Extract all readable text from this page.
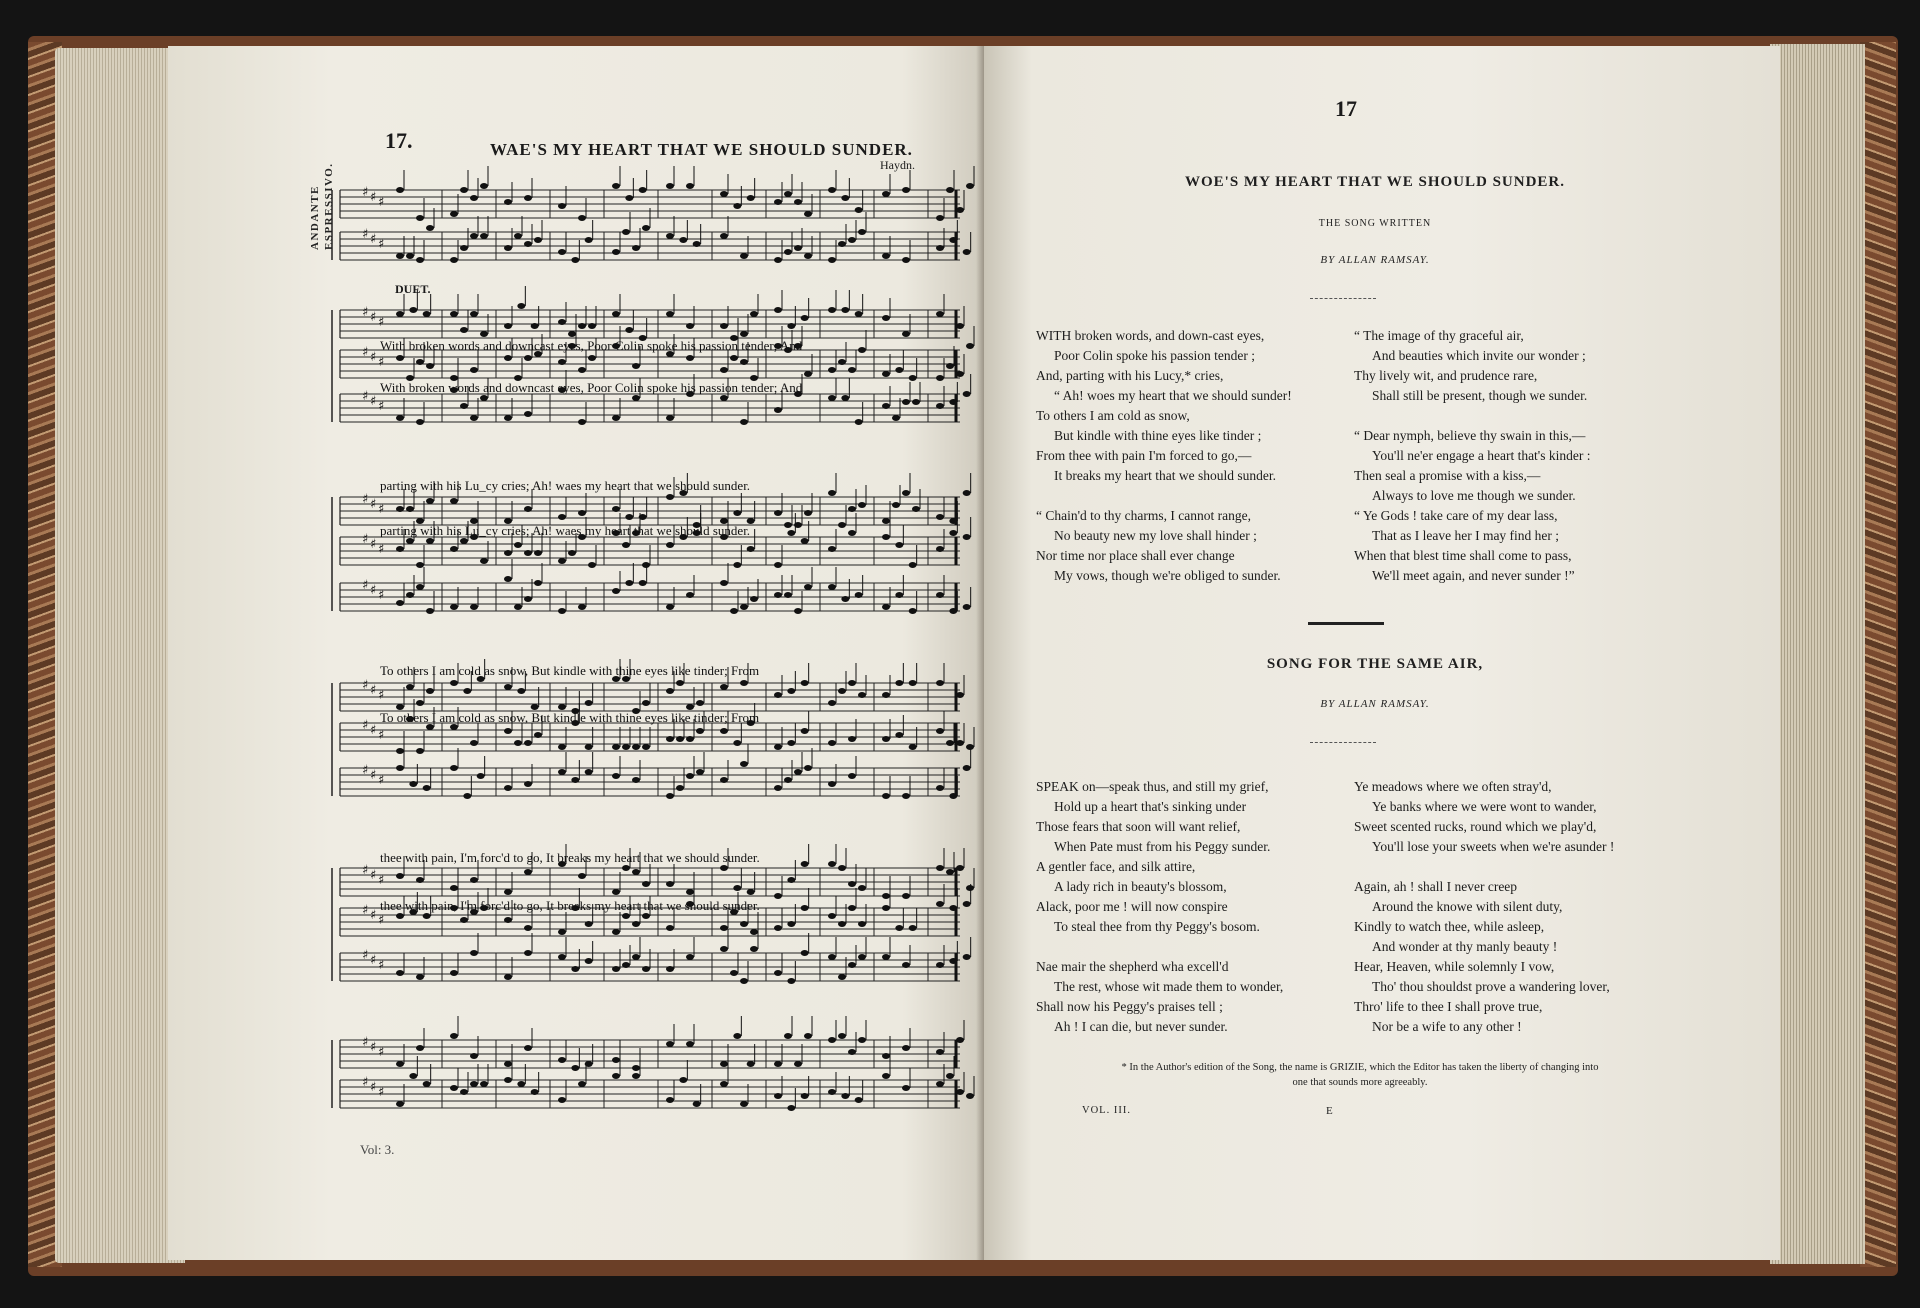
17.	WAE'S MY HEART THAT WE SHOULD SUNDER.
Haydn.
ANDANTE ESPRESSIVO.
DUET.
Vol: 3.
♯ ♯ ♯
♯ ♯ ♯
♯ ♯ ♯
♯ ♯ ♯
♯ ♯ ♯
♯ ♯ ♯
♯ ♯ ♯
♯ ♯ ♯
♯ ♯ ♯
♯ ♯ ♯
♯ ♯ ♯
♯ ♯ ♯
♯ ♯ ♯
♯ ♯ ♯
♯ ♯ ♯
♯ ♯ ♯
With broken words and downcast eyes, Poor Colin spoke his passion tender; And
With broken words and downcast eyes, Poor Colin spoke his passion tender; And
parting with his Lu_cy cries; Ah! waes my heart that we should sunder.
parting with his Lu_cy cries; Ah! waes my heart that we should sunder.
To others I am cold as snow, But kindle with thine eyes like tinder; From
To others I am cold as snow, But kindle with thine eyes like tinder; From
thee with pain, I'm forc'd to go, It breaks my heart that we should sunder.
thee with pain, I'm forc'd to go, It breaks my heart that we should sunder.
17
WOE'S MY HEART THAT WE SHOULD SUNDER.
THE SONG WRITTEN
BY ALLAN RAMSAY.
WITH broken words, and down-cast eyes,
Poor Colin spoke his passion tender ;
And, parting with his Lucy,* cries,
“ Ah! woes my heart that we should sunder!
To others I am cold as snow,
But kindle with thine eyes like tinder ;
From thee with pain I'm forced to go,—
It breaks my heart that we should sunder.
“ Chain'd to thy charms, I cannot range,
No beauty new my love shall hinder ;
Nor time nor place shall ever change
My vows, though we're obliged to sunder.
“ The image of thy graceful air,
And beauties which invite our wonder ;
Thy lively wit, and prudence rare,
Shall still be present, though we sunder.
“ Dear nymph, believe thy swain in this,—
You'll ne'er engage a heart that's kinder :
Then seal a promise with a kiss,—
Always to love me though we sunder.
“ Ye Gods ! take care of my dear lass,
That as I leave her I may find her ;
When that blest time shall come to pass,
We'll meet again, and never sunder !”
SONG FOR THE SAME AIR,
BY ALLAN RAMSAY.
SPEAK on—speak thus, and still my grief,
Hold up a heart that's sinking under
Those fears that soon will want relief,
When Pate must from his Peggy sunder.
A gentler face, and silk attire,
A lady rich in beauty's blossom,
Alack, poor me ! will now conspire
To steal thee from thy Peggy's bosom.
Nae mair the shepherd wha excell'd
The rest, whose wit made them to wonder,
Shall now his Peggy's praises tell ;
Ah ! I can die, but never sunder.
Ye meadows where we often stray'd,
Ye banks where we were wont to wander,
Sweet scented rucks, round which we play'd,
You'll lose your sweets when we're asunder !
Again, ah ! shall I never creep
Around the knowe with silent duty,
Kindly to watch thee, while asleep,
And wonder at thy manly beauty !
Hear, Heaven, while solemnly I vow,
Tho' thou shouldst prove a wandering lover,
Thro' life to thee I shall prove true,
Nor be a wife to any other !
* In the Author's edition of the Song, the name is GRIZIE, which the Editor has taken the liberty of changing into
one that sounds more agreeably.
VOL. III.	E
